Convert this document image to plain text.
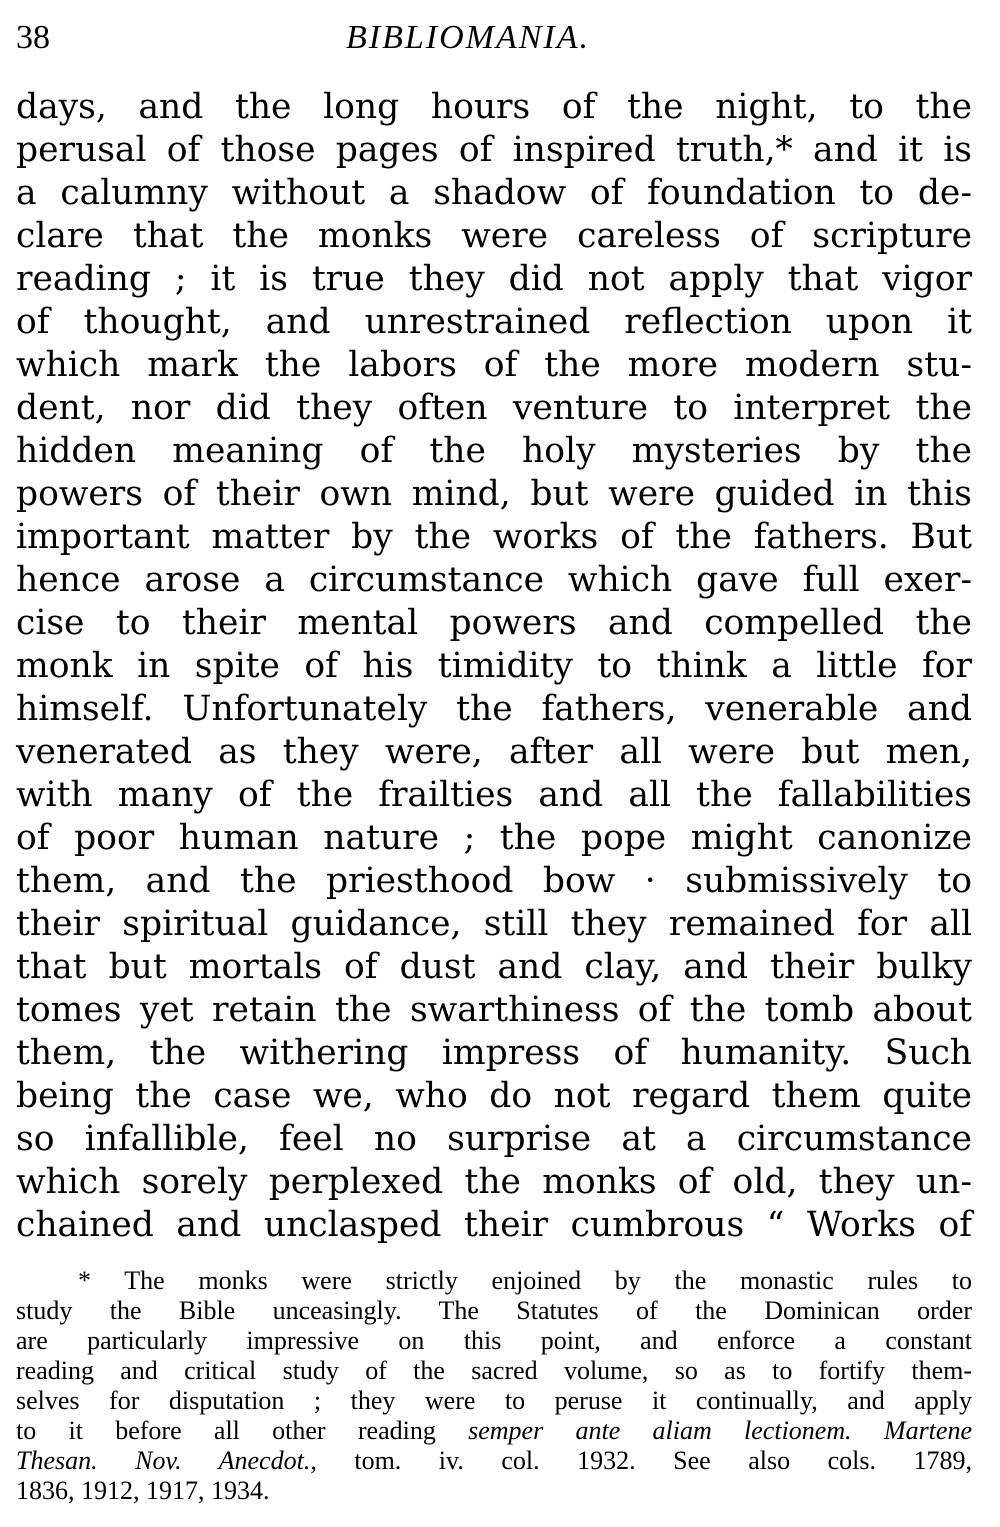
38	BIBLIOMANIA.
days, and the long hours of the night, to the
perusal of those pages of inspired truth,* and it is
a calumny without a shadow of foundation to de-
clare that the monks were careless of scripture
reading ; it is true they did not apply that vigor
of thought, and unrestrained reflection upon it
which mark the labors of the more modern stu-
dent, nor did they often venture to interpret the
hidden meaning of the holy mysteries by the
powers of their own mind, but were guided in this
important matter by the works of the fathers. But
hence arose a circumstance which gave full exer-
cise to their mental powers and compelled the
monk in spite of his timidity to think a little for
himself. Unfortunately the fathers, venerable and
venerated as they were, after all were but men,
with many of the frailties and all the fallabilities
of poor human nature ; the pope might canonize
them, and the priesthood bow · submissively to
their spiritual guidance, still they remained for all
that but mortals of dust and clay, and their bulky
tomes yet retain the swarthiness of the tomb about
them, the withering impress of humanity. Such
being the case we, who do not regard them quite
so infallible, feel no surprise at a circumstance
which sorely perplexed the monks of old, they un-
chained and unclasped their cumbrous “ Works of
* The monks were strictly enjoined by the monastic rules to
study the Bible unceasingly. The Statutes of the Dominican order
are particularly impressive on this point, and enforce a constant
reading and critical study of the sacred volume, so as to fortify them-
selves for disputation ; they were to peruse it continually, and apply
to it before all other reading semper ante aliam lectionem. Martene
Thesan. Nov. Anecdot., tom. iv. col. 1932. See also cols. 1789,
1836, 1912, 1917, 1934.
